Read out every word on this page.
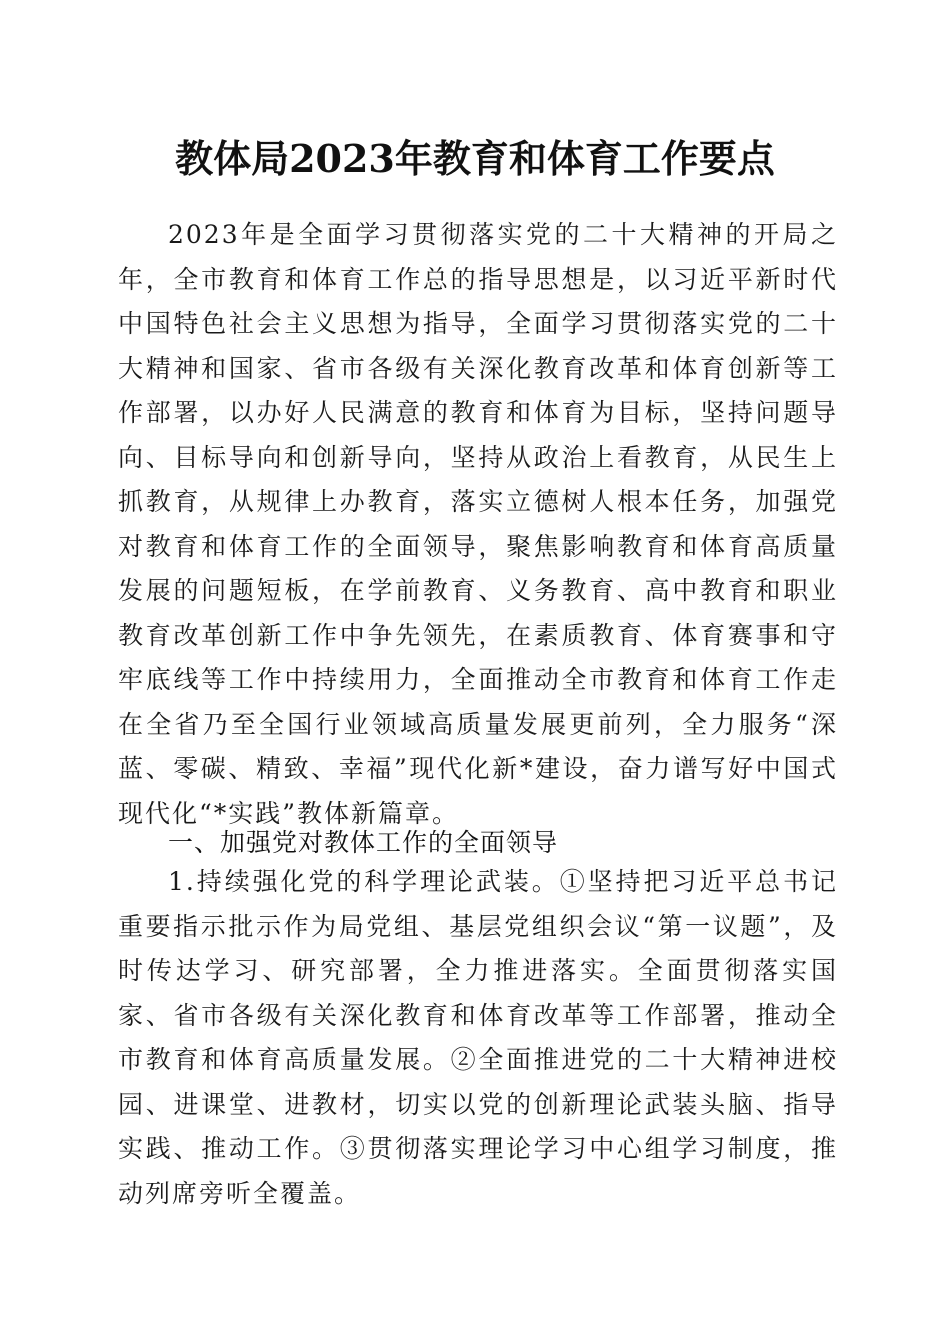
教体局2023年教育和体育工作要点

2023年是全面学习贯彻落实党的二十大精神的开局之年，全市教育和体育工作总的指导思想是，以习近平新时代中国特色社会主义思想为指导，全面学习贯彻落实党的二十大精神和国家、省市各级有关深化教育改革和体育创新等工作部署，以办好人民满意的教育和体育为目标，坚持问题导向、目标导向和创新导向，坚持从政治上看教育，从民生上抓教育，从规律上办教育，落实立德树人根本任务，加强党对教育和体育工作的全面领导，聚焦影响教育和体育高质量发展的问题短板，在学前教育、义务教育、高中教育和职业教育改革创新工作中争先领先，在素质教育、体育赛事和守牢底线等工作中持续用力，全面推动全市教育和体育工作走在全省乃至全国行业领域高质量发展更前列，全力服务“深蓝、零碳、精致、幸福”现代化新*建设，奋力谱写好中国式现代化“*实践”教体新篇章。

一、加强党对教体工作的全面领导

1.持续强化党的科学理论武装。①坚持把习近平总书记重要指示批示作为局党组、基层党组织会议“第一议题”，及时传达学习、研究部署，全力推进落实。全面贯彻落实国家、省市各级有关深化教育和体育改革等工作部署，推动全市教育和体育高质量发展。②全面推进党的二十大精神进校园、进课堂、进教材，切实以党的创新理论武装头脑、指导实践、推动工作。③贯彻落实理论学习中心组学习制度，推动列席旁听全覆盖。
